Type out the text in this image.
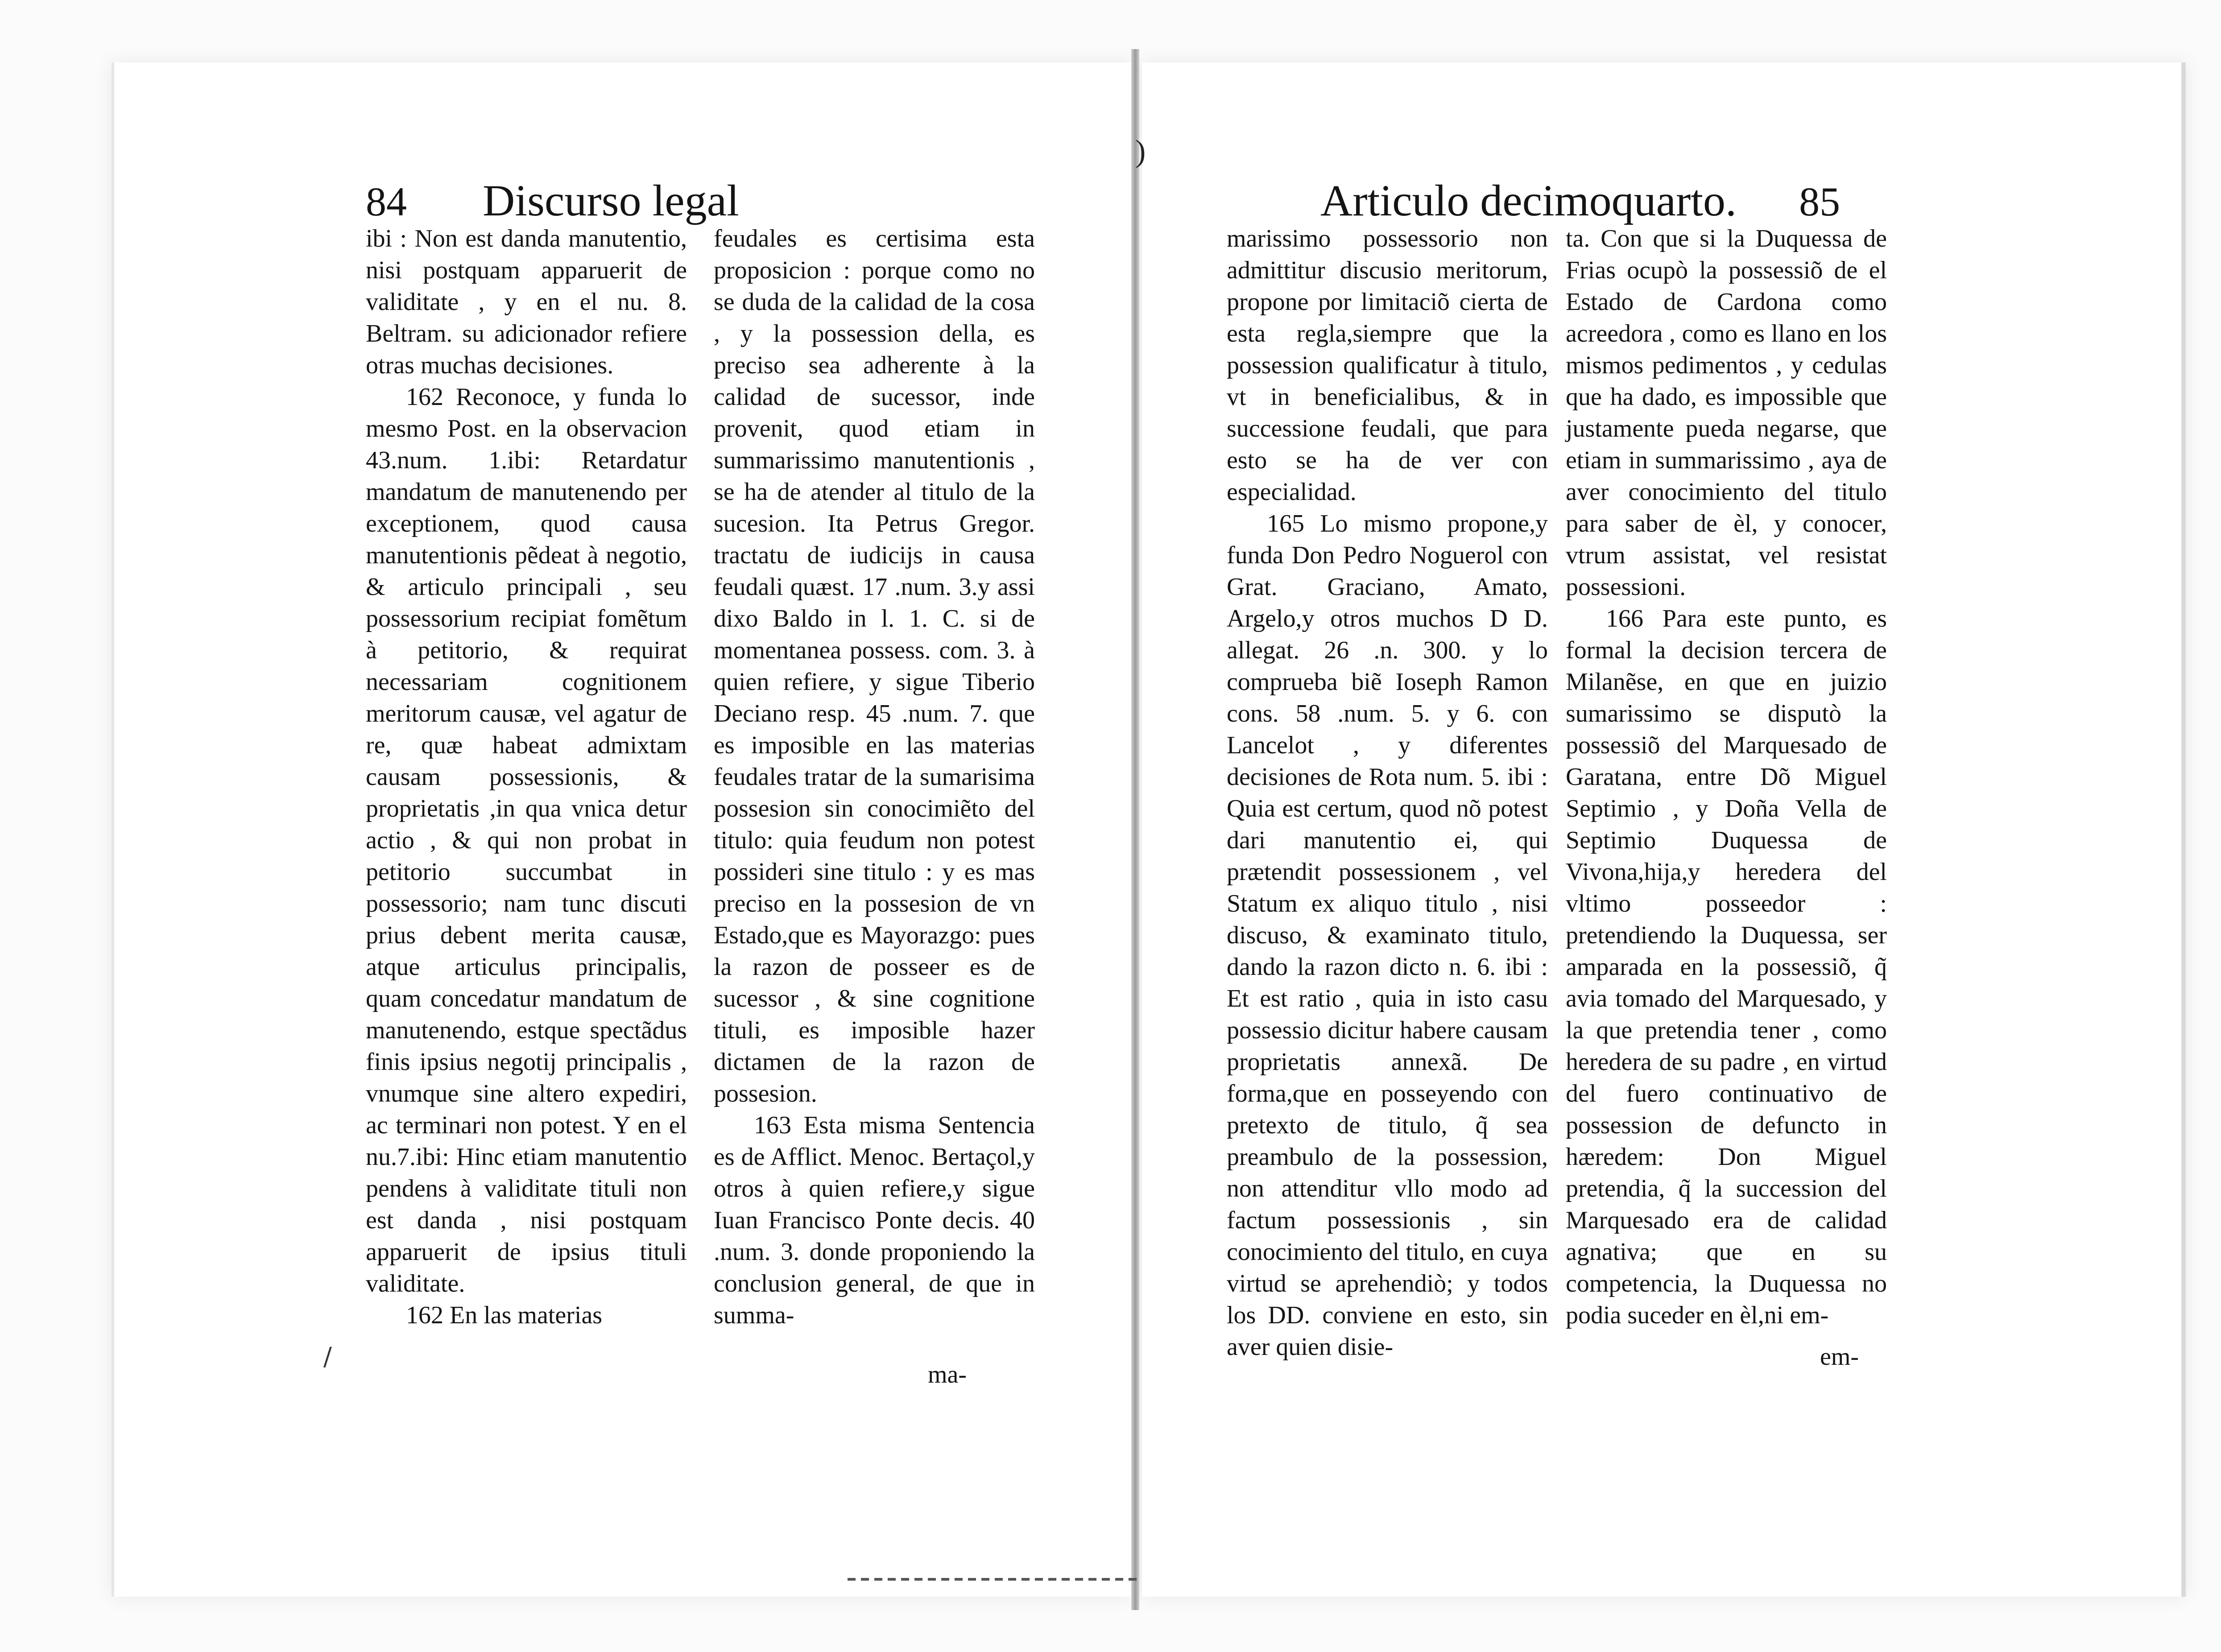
)
84 Discurso legal

ibi : Non est danda manutentio, nisi postquam apparuerit de validitate , y en el nu. 8. Beltram. su adicionador refiere otras muchas decisiones.

162 Reconoce, y funda lo mesmo Post. en la observacion 43.num. 1.ibi: Retardatur mandatum de manutenendo per exceptionem, quod causa manutentionis pẽdeat à negotio, & articulo principali , seu possessorium recipiat fomẽtum à petitorio, & requirat necessariam cognitionem meritorum causæ, vel agatur de re, quæ habeat admixtam causam possessionis, & proprietatis ,in qua vnica detur actio , & qui non probat in petitorio succumbat in possessorio; nam tunc discuti prius debent merita causæ, atque articulus principalis, quam concedatur mandatum de manutenendo, estque spectãdus finis ipsius negotij principalis , vnumque sine altero expediri, ac terminari non potest. Y en el nu.7.ibi: Hinc etiam manutentio pendens à validitate tituli non est danda , nisi postquam apparuerit de ipsius tituli validitate.

162 En las materias

feudales es certisima esta proposicion : porque como no se duda de la calidad de la cosa , y la possession della, es preciso sea adherente à la calidad de sucessor, inde provenit, quod etiam in summarissimo manutentionis , se ha de atender al titulo de la sucesion. Ita Petrus Gregor. tractatu de iudicijs in causa feudali quæst. 17 .num. 3.y assi dixo Baldo in l. 1. C. si de momentanea possess. com. 3. à quien refiere, y sigue Tiberio Deciano resp. 45 .num. 7. que es imposible en las materias feudales tratar de la sumarisima possesion sin conocimiẽto del titulo: quia feudum non potest possideri sine titulo : y es mas preciso en la possesion de vn Estado,que es Mayorazgo: pues la razon de posseer es de sucessor , & sine cognitione tituli, es imposible hazer dictamen de la razon de possesion.

163 Esta misma Sentencia es de Afflict. Menoc. Bertaçol,y otros à quien refiere,y sigue Iuan Francisco Ponte decis. 40 .num. 3. donde proponiendo la conclusion general, de que in summa-

ma-
/
Articulo decimoquarto. 85

marissimo possessorio non admittitur discusio meritorum, propone por limitaciõ cierta de esta regla,siempre que la possession qualificatur à titulo, vt in beneficialibus, & in successione feudali, que para esto se ha de ver con especialidad.

165 Lo mismo propone,y funda Don Pedro Noguerol con Grat. Graciano, Amato, Argelo,y otros muchos D D. allegat. 26 .n. 300. y lo comprueba biẽ Ioseph Ramon cons. 58 .num. 5. y 6. con Lancelot , y diferentes decisiones de Rota num. 5. ibi : Quia est certum, quod nõ potest dari manutentio ei, qui prætendit possessionem , vel Statum ex aliquo titulo , nisi discuso, & examinato titulo, dando la razon dicto n. 6. ibi : Et est ratio , quia in isto casu possessio dicitur habere causam proprietatis annexã. De forma,que en posseyendo con pretexto de titulo, q̃ sea preambulo de la possession, non attenditur vllo modo ad factum possessionis , sin conocimiento del titulo, en cuya virtud se aprehendiò; y todos los DD. conviene en esto, sin aver quien disie-

ta. Con que si la Duquessa de Frias ocupò la possessiõ de el Estado de Cardona como acreedora , como es llano en los mismos pedimentos , y cedulas que ha dado, es impossible que justamente pueda negarse, que etiam in summarissimo , aya de aver conocimiento del titulo para saber de èl, y conocer, vtrum assistat, vel resistat possessioni.

166 Para este punto, es formal la decision tercera de Milanẽse, en que en juizio sumarissimo se disputò la possessiõ del Marquesado de Garatana, entre Dõ Miguel Septimio , y Doña Vella de Septimio Duquessa de Vivona,hija,y heredera del vltimo posseedor : pretendiendo la Duquessa, ser amparada en la possessiõ, q̃ avia tomado del Marquesado, y la que pretendia tener , como heredera de su padre , en virtud del fuero continuativo de possession de defuncto in hæredem: Don Miguel pretendia, q̃ la succession del Marquesado era de calidad agnativa; que en su competencia, la Duquessa no podia suceder en èl,ni em-

em-
